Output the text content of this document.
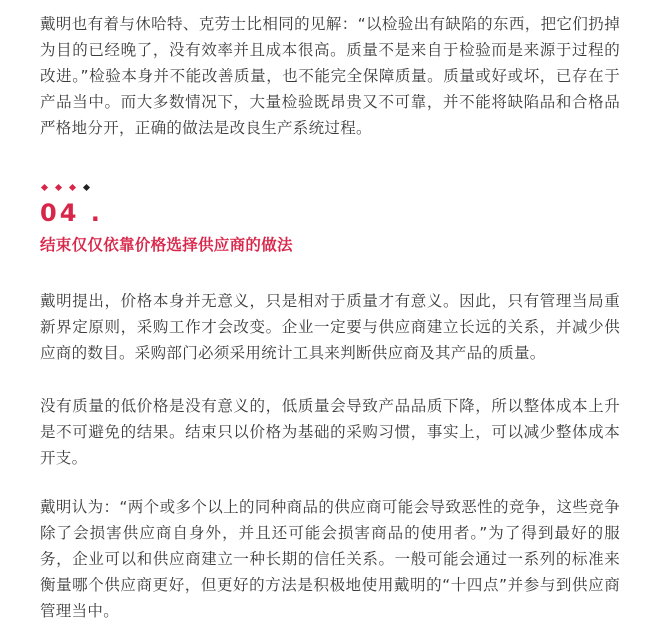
戴明也有着与休哈特、克劳士比相同的见解：“以检验出有缺陷的东西，把它们扔掉为目的已经晚了，没有效率并且成本很高。质量不是来自于检验而是来源于过程的改进。”检验本身并不能改善质量，也不能完全保障质量。质量或好或坏，已存在于产品当中。而大多数情况下，大量检验既昂贵又不可靠，并不能将缺陷品和合格品严格地分开，正确的做法是改良生产系统过程。

04 .
结束仅仅依靠价格选择供应商的做法

戴明提出，价格本身并无意义，只是相对于质量才有意义。因此，只有管理当局重新界定原则，采购工作才会改变。企业一定要与供应商建立长远的关系，并减少供应商的数目。采购部门必须采用统计工具来判断供应商及其产品的质量。

没有质量的低价格是没有意义的，低质量会导致产品品质下降，所以整体成本上升是不可避免的结果。结束只以价格为基础的采购习惯，事实上，可以减少整体成本开支。

戴明认为：“两个或多个以上的同种商品的供应商可能会导致恶性的竞争，这些竞争除了会损害供应商自身外，并且还可能会损害商品的使用者。”为了得到最好的服务，企业可以和供应商建立一种长期的信任关系。一般可能会通过一系列的标准来衡量哪个供应商更好，但更好的方法是积极地使用戴明的“十四点”并参与到供应商管理当中。
